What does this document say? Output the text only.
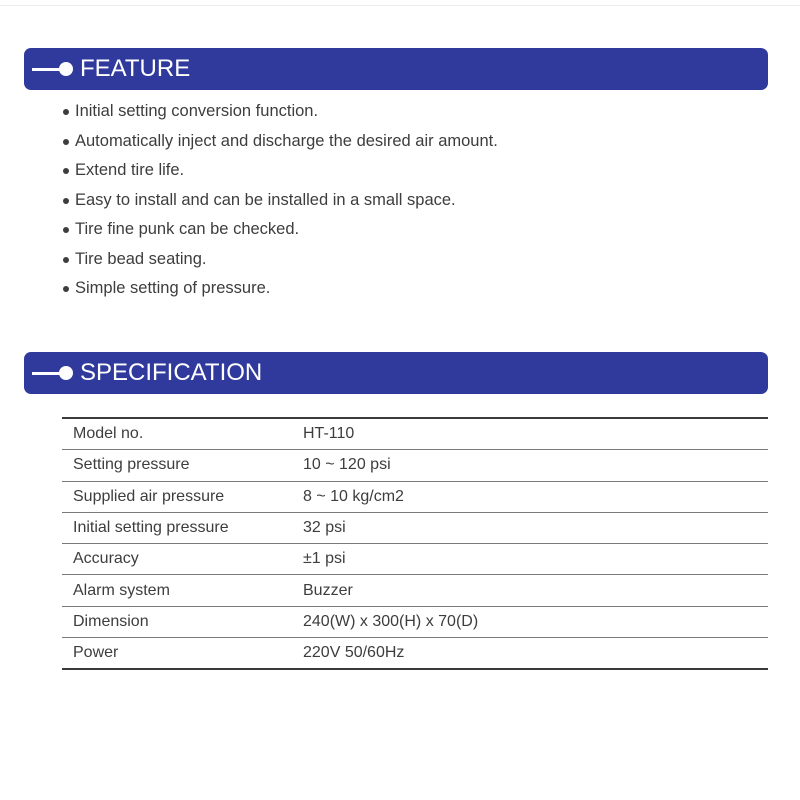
FEATURE
Initial setting conversion function.
Automatically inject and discharge the desired air amount.
Extend tire life.
Easy to install and can be installed in a small space.
Tire fine punk can be checked.
Tire bead seating.
Simple setting of pressure.
SPECIFICATION
Model no.	HT-110
Setting pressure	10 ~ 120 psi
Supplied air pressure	8 ~ 10 kg/cm2
Initial setting pressure	32 psi
Accuracy	±1 psi
Alarm system	Buzzer
Dimension	240(W) x 300(H) x 70(D)
Power	220V 50/60Hz
